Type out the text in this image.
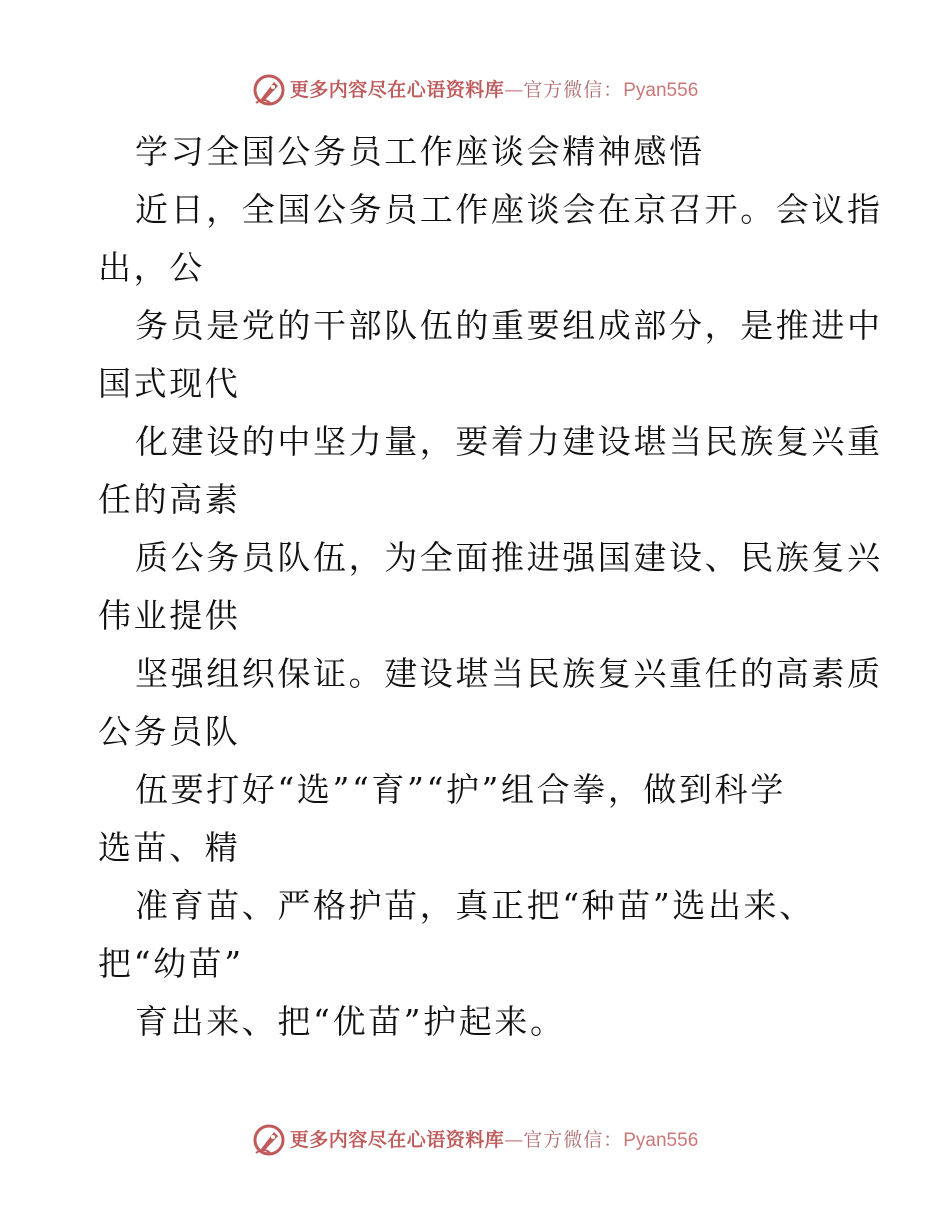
更多内容尽在心语资料库 — 官方微信： Pyan556
学习全国公务员工作座谈会精神感悟
近日，全国公务员工作座谈会在京召开。会议指
出，公
务员是党的干部队伍的重要组成部分，是推进中
国式现代
化建设的中坚力量，要着力建设堪当民族复兴重
任的高素
质公务员队伍，为全面推进强国建设、民族复兴
伟业提供
坚强组织保证。建设堪当民族复兴重任的高素质
公务员队
伍要打好“选”“育”“护”组合拳，做到科学
选苗、精
准育苗、严格护苗，真正把“种苗”选出来、
把“幼苗”
育出来、把“优苗”护起来。
更多内容尽在心语资料库 — 官方微信： Pyan556
